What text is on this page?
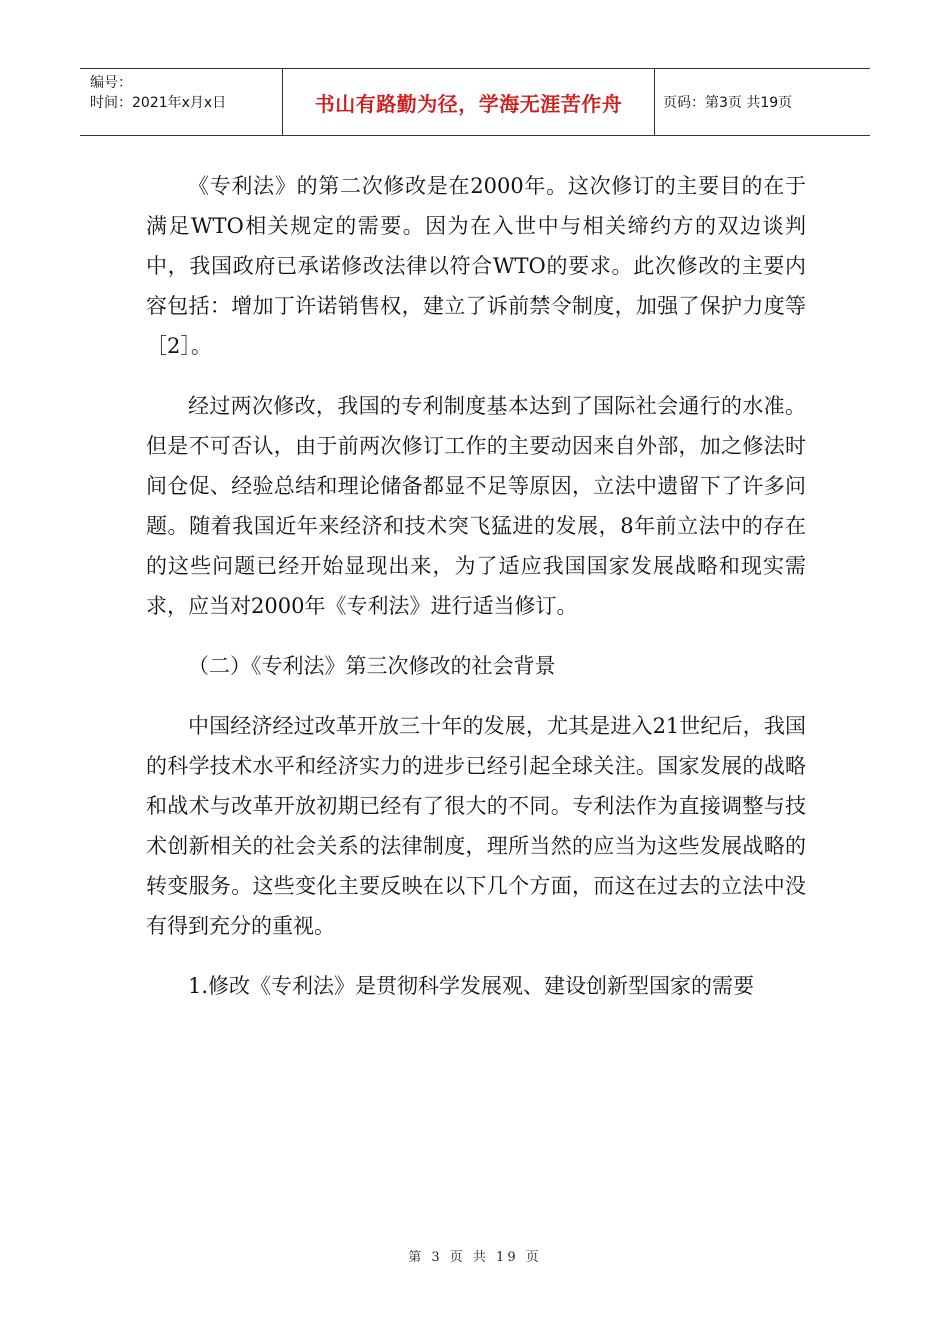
编号：
时间：2021年x月x日	书山有路勤为径，学海无涯苦作舟	页码：第3页 共19页

《专利法》的第二次修改是在2000年。这次修订的主要目的在于满足WTO相关规定的需要。因为在入世中与相关缔约方的双边谈判中，我国政府已承诺修改法律以符合WTO的要求。此次修改的主要内容包括：增加丁许诺销售权，建立了诉前禁令制度，加强了保护力度等［2］。

经过两次修改，我国的专利制度基本达到了国际社会通行的水准。但是不可否认，由于前两次修订工作的主要动因来自外部，加之修法时间仓促、经验总结和理论储备都显不足等原因，立法中遗留下了许多问题。随着我国近年来经济和技术突飞猛进的发展，8年前立法中的存在的这些问题已经开始显现出来，为了适应我国国家发展战略和现实需求，应当对2000年《专利法》进行适当修订。

（二）《专利法》第三次修改的社会背景

中国经济经过改革开放三十年的发展，尤其是进入21世纪后，我国的科学技术水平和经济实力的进步已经引起全球关注。国家发展的战略和战术与改革开放初期已经有了很大的不同。专利法作为直接调整与技术创新相关的社会关系的法律制度，理所当然的应当为这些发展战略的转变服务。这些变化主要反映在以下几个方面，而这在过去的立法中没有得到充分的重视。

1.修改《专利法》是贯彻科学发展观、建设创新型国家的需要

第 3 页 共 19 页
